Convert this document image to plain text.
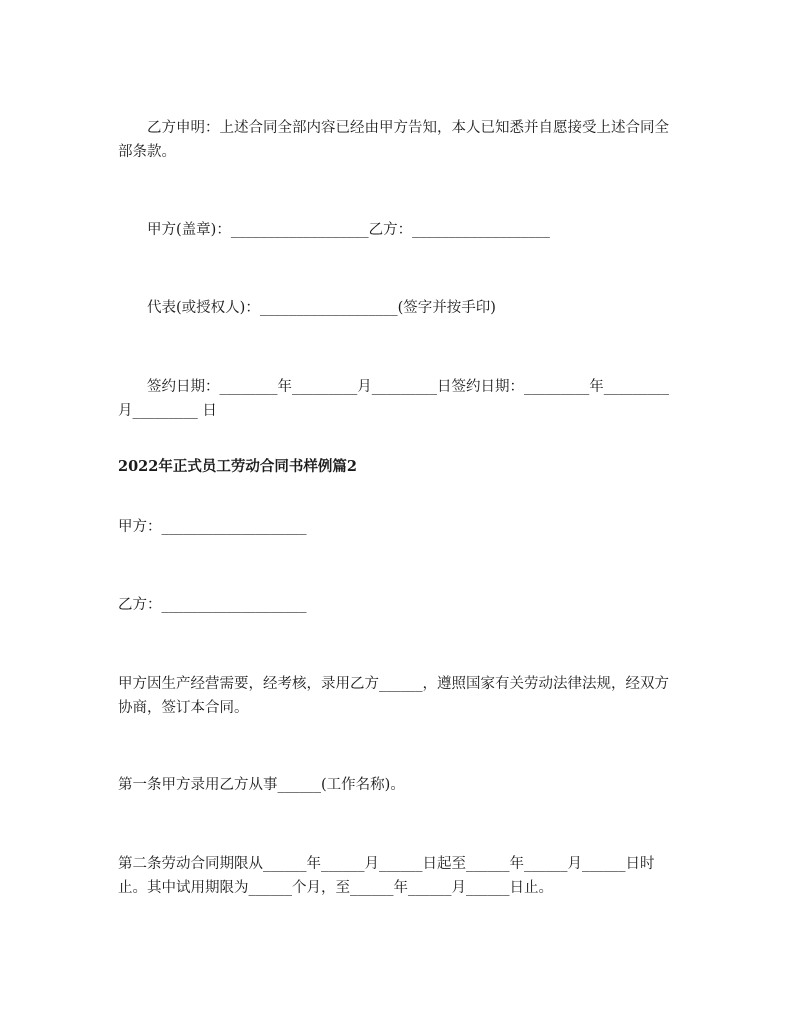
乙方申明：上述合同全部内容已经由甲方告知，本人已知悉并自愿接受上述合同全部条款。

甲方(盖章)：___________________乙方：___________________

代表(或授权人)：___________________(签字并按手印)

签约日期：________年_________月_________日签约日期：_________年_________月_________ 日

2022年正式员工劳动合同书样例篇2

甲方：____________________

乙方：____________________

甲方因生产经营需要，经考核，录用乙方______，遵照国家有关劳动法律法规，经双方协商，签订本合同。

第一条甲方录用乙方从事______(工作名称)。

第二条劳动合同期限从______年______月______日起至______年______月______日时止。其中试用期限为______个月，至______年______月______日止。
